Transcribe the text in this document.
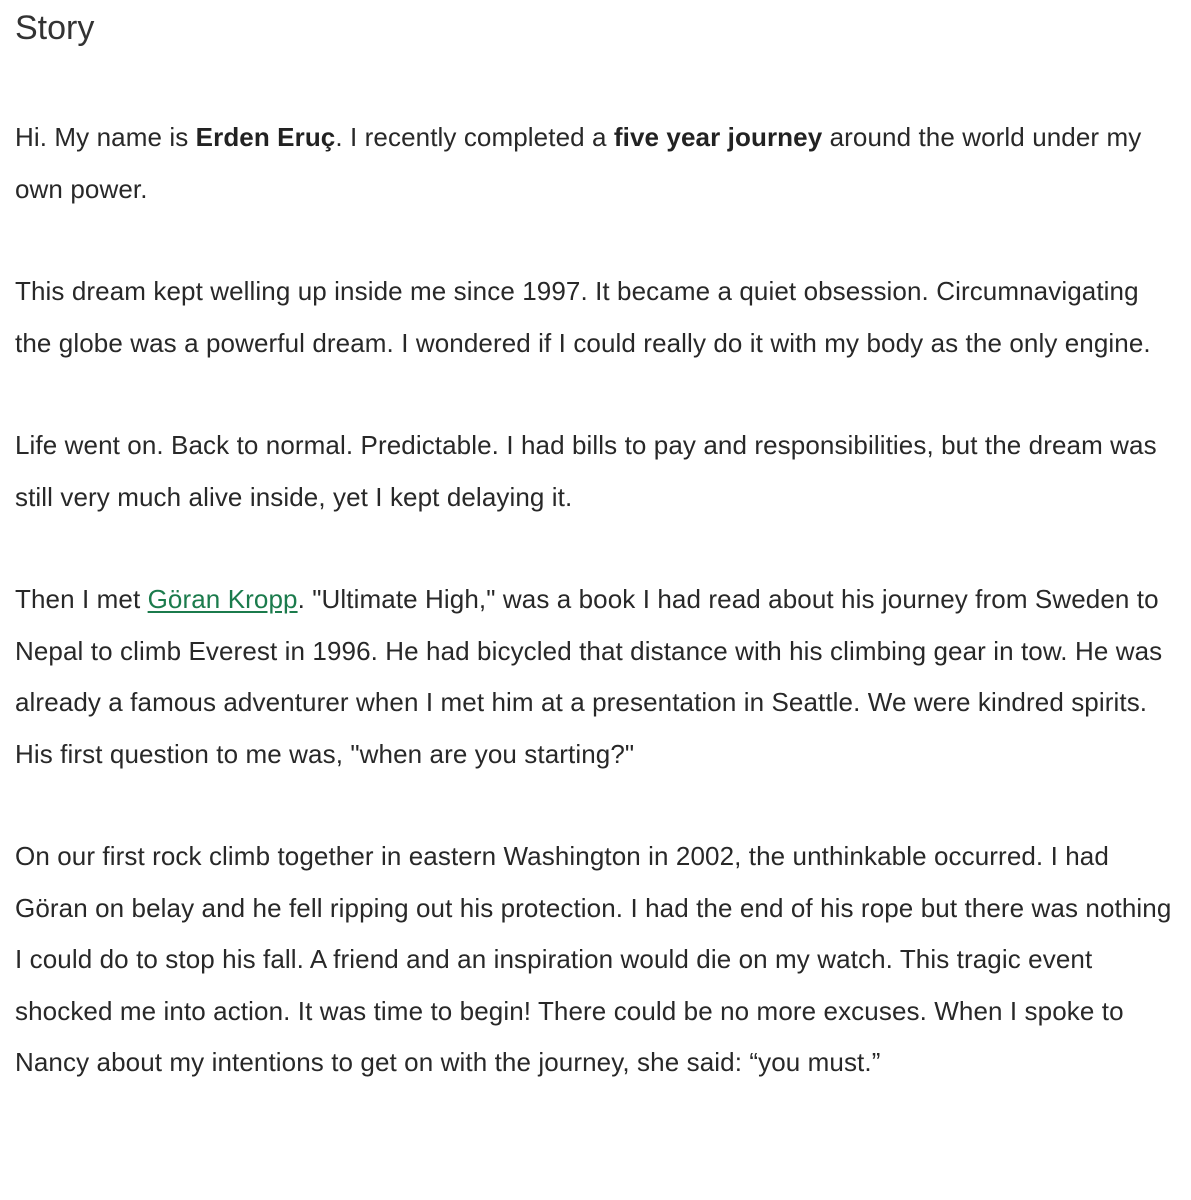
Story

Hi. My name is Erden Eruç. I recently completed a five year journey around the world under my own power.

This dream kept welling up inside me since 1997. It became a quiet obsession. Circumnavigating the globe was a powerful dream. I wondered if I could really do it with my body as the only engine.

Life went on. Back to normal. Predictable. I had bills to pay and responsibilities, but the dream was still very much alive inside, yet I kept delaying it.

Then I met Göran Kropp. "Ultimate High," was a book I had read about his journey from Sweden to Nepal to climb Everest in 1996. He had bicycled that distance with his climbing gear in tow. He was already a famous adventurer when I met him at a presentation in Seattle. We were kindred spirits. His first question to me was, "when are you starting?"

On our first rock climb together in eastern Washington in 2002, the unthinkable occurred. I had Göran on belay and he fell ripping out his protection. I had the end of his rope but there was nothing I could do to stop his fall. A friend and an inspiration would die on my watch. This tragic event shocked me into action. It was time to begin! There could be no more excuses. When I spoke to Nancy about my intentions to get on with the journey, she said: “you must.”
